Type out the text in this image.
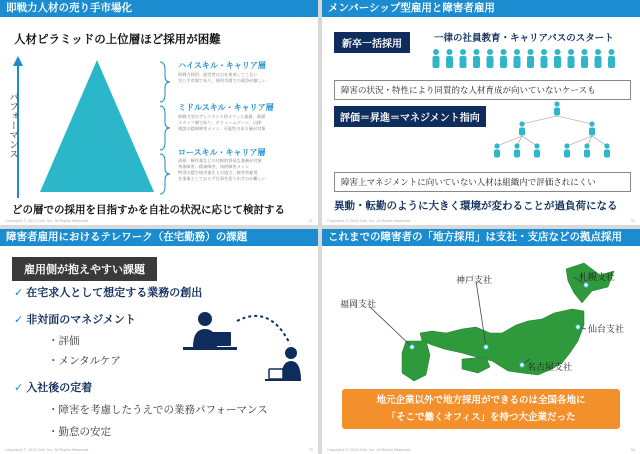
即戦力人材の売り手市場化
人材ピラミッドの上位層ほど採用が困難
パフォーマンス
ハイスキル・キャリア層
即戦力採用、経営者は自社育成してこない
売り手市場であり、採用市場での競争が激しい
ミドルスキル・キャリア層
即戦力型のアシスタント的オフィス業務、基礎
スタッフ層であり、ボリュームゾーン。自律
相談の精神障害メイン、可能性のある層が対象
ロースキル・キャリア層
清掃、軽作業などの比較的容易な業務が対象
身体障害、精神障害、知的障害メイン
特別支援学校卒業生との協力、障害者雇用
を事業としておらず仕事を切り出すのが難しい
どの層での採用を目指すかを自社の状況に応じて検討する
Copyright © 2020 Ohk, Inc. All Rights Reserved.	31
メンバーシップ型雇用と障害者雇用
新卒一括採用
一律の社員教育・キャリアパスのスタート
障害の状況・特性により同質的な人材育成が向いていないケースも
評価＝昇進＝マネジメント指向
障害上マネジメントに向いていない人材は組織内で評価されにくい
異動・転勤のように大きく環境が変わることが過負荷になる
Copyright © 2020 Ohk, Inc. All Rights Reserved.	32
障害者雇用におけるテレワーク（在宅勤務）の課題
雇用側が抱えやすい課題
✓ 在宅求人として想定する業務の創出
✓ 非対面のマネジメント
・評価
・メンタルケア
✓ 入社後の定着
・障害を考慮したうえでの業務パフォーマンス
・勤怠の安定
Copyright © 2020 Ohk, Inc. All Rights Reserved.	33
これまでの障害者の「地方採用」は支社・支店などの拠点採用
神戸支社	札幌支社
福岡支社
仙台支社
名古屋支社
地元企業以外で地方採用ができるのは全国各地に
「そこで働くオフィス」を持つ大企業だった
Copyright © 2020 Ohk, Inc. All Rights Reserved.	34
